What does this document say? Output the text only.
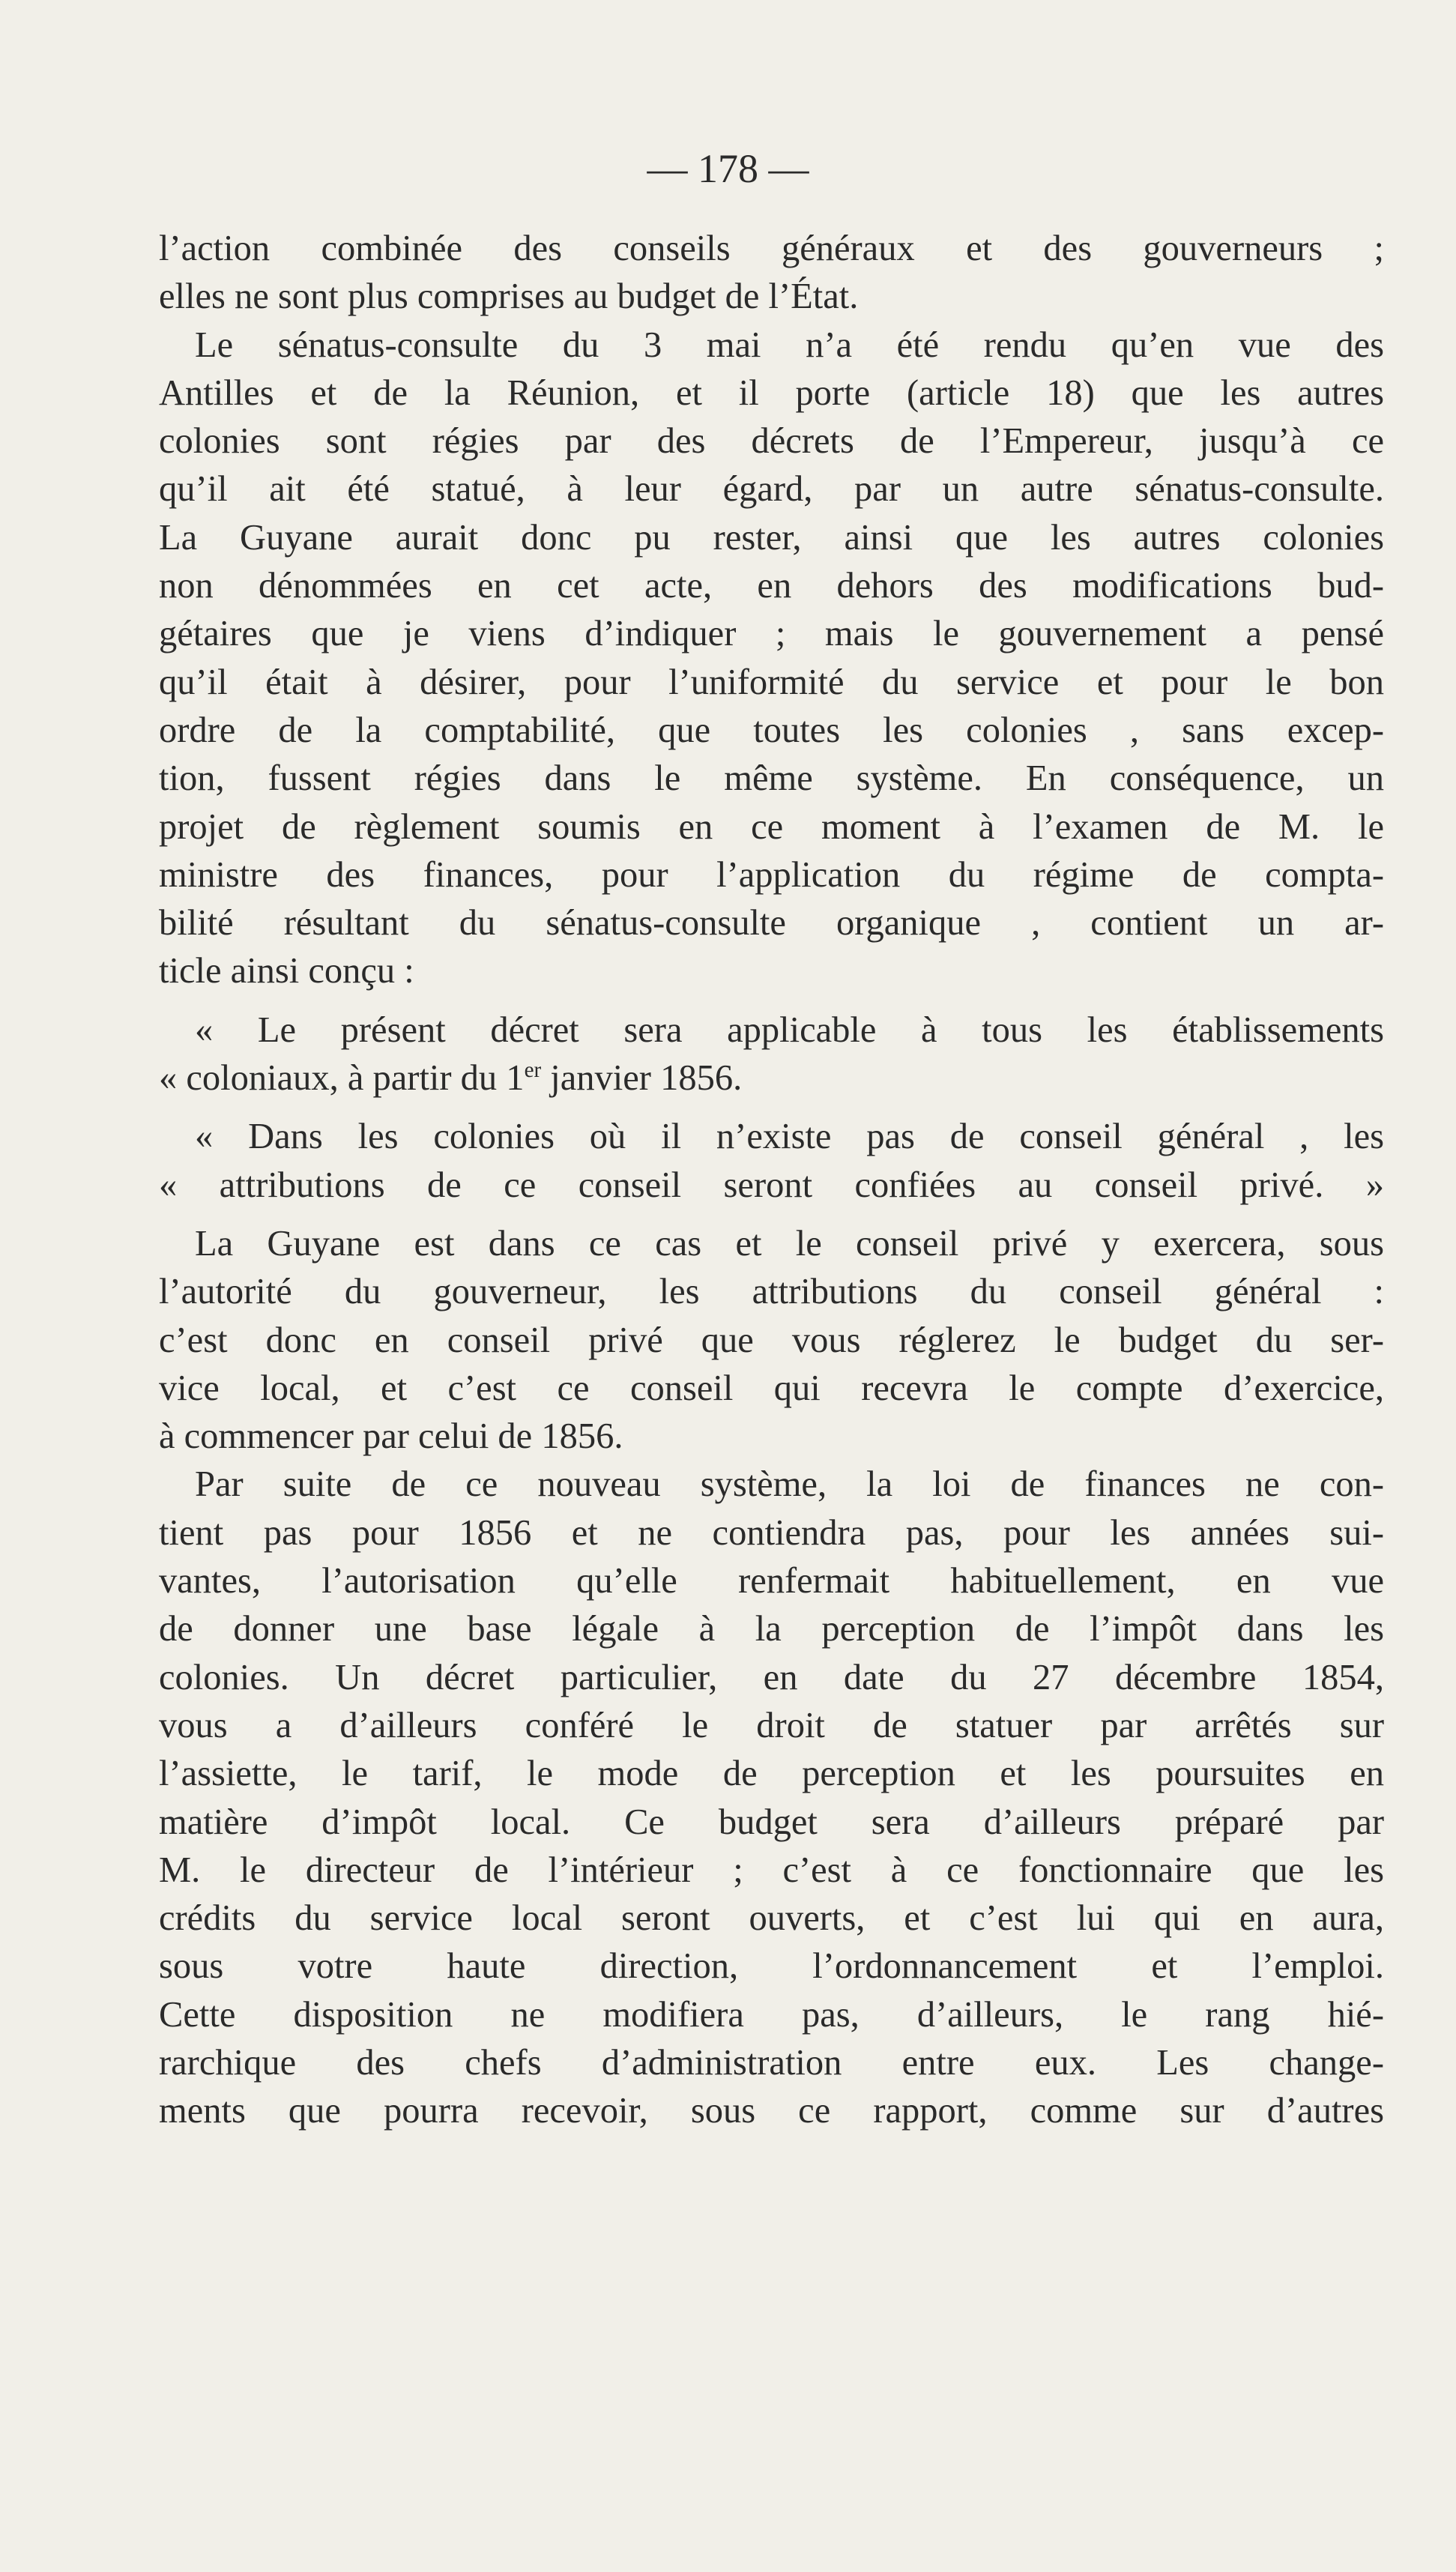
— 178 —
l’action combinée des conseils généraux et des gouverneurs ;
elles ne sont plus comprises au budget de l’État.
Le sénatus-consulte du 3 mai n’a été rendu qu’en vue des
Antilles et de la Réunion, et il porte (article 18) que les autres
colonies sont régies par des décrets de l’Empereur, jusqu’à ce
qu’il ait été statué, à leur égard, par un autre sénatus-consulte.
La Guyane aurait donc pu rester, ainsi que les autres colonies
non dénommées en cet acte, en dehors des modifications bud-
gétaires que je viens d’indiquer ; mais le gouvernement a pensé
qu’il était à désirer, pour l’uniformité du service et pour le bon
ordre de la comptabilité, que toutes les colonies , sans excep-
tion, fussent régies dans le même système. En conséquence, un
projet de règlement soumis en ce moment à l’examen de M. le
ministre des finances, pour l’application du régime de compta-
bilité résultant du sénatus-consulte organique , contient un ar-
ticle ainsi conçu :
« Le présent décret sera applicable à tous les établissements
« coloniaux, à partir du 1er janvier 1856.
« Dans les colonies où il n’existe pas de conseil général , les
« attributions de ce conseil seront confiées au conseil privé. »
La Guyane est dans ce cas et le conseil privé y exercera, sous
l’autorité du gouverneur, les attributions du conseil général :
c’est donc en conseil privé que vous réglerez le budget du ser-
vice local, et c’est ce conseil qui recevra le compte d’exercice,
à commencer par celui de 1856.
Par suite de ce nouveau système, la loi de finances ne con-
tient pas pour 1856 et ne contiendra pas, pour les années sui-
vantes, l’autorisation qu’elle renfermait habituellement, en vue
de donner une base légale à la perception de l’impôt dans les
colonies. Un décret particulier, en date du 27 décembre 1854,
vous a d’ailleurs conféré le droit de statuer par arrêtés sur
l’assiette, le tarif, le mode de perception et les poursuites en
matière d’impôt local. Ce budget sera d’ailleurs préparé par
M. le directeur de l’intérieur ; c’est à ce fonctionnaire que les
crédits du service local seront ouverts, et c’est lui qui en aura,
sous votre haute direction, l’ordonnancement et l’emploi.
Cette disposition ne modifiera pas, d’ailleurs, le rang hié-
rarchique des chefs d’administration entre eux. Les change-
ments que pourra recevoir, sous ce rapport, comme sur d’autres
